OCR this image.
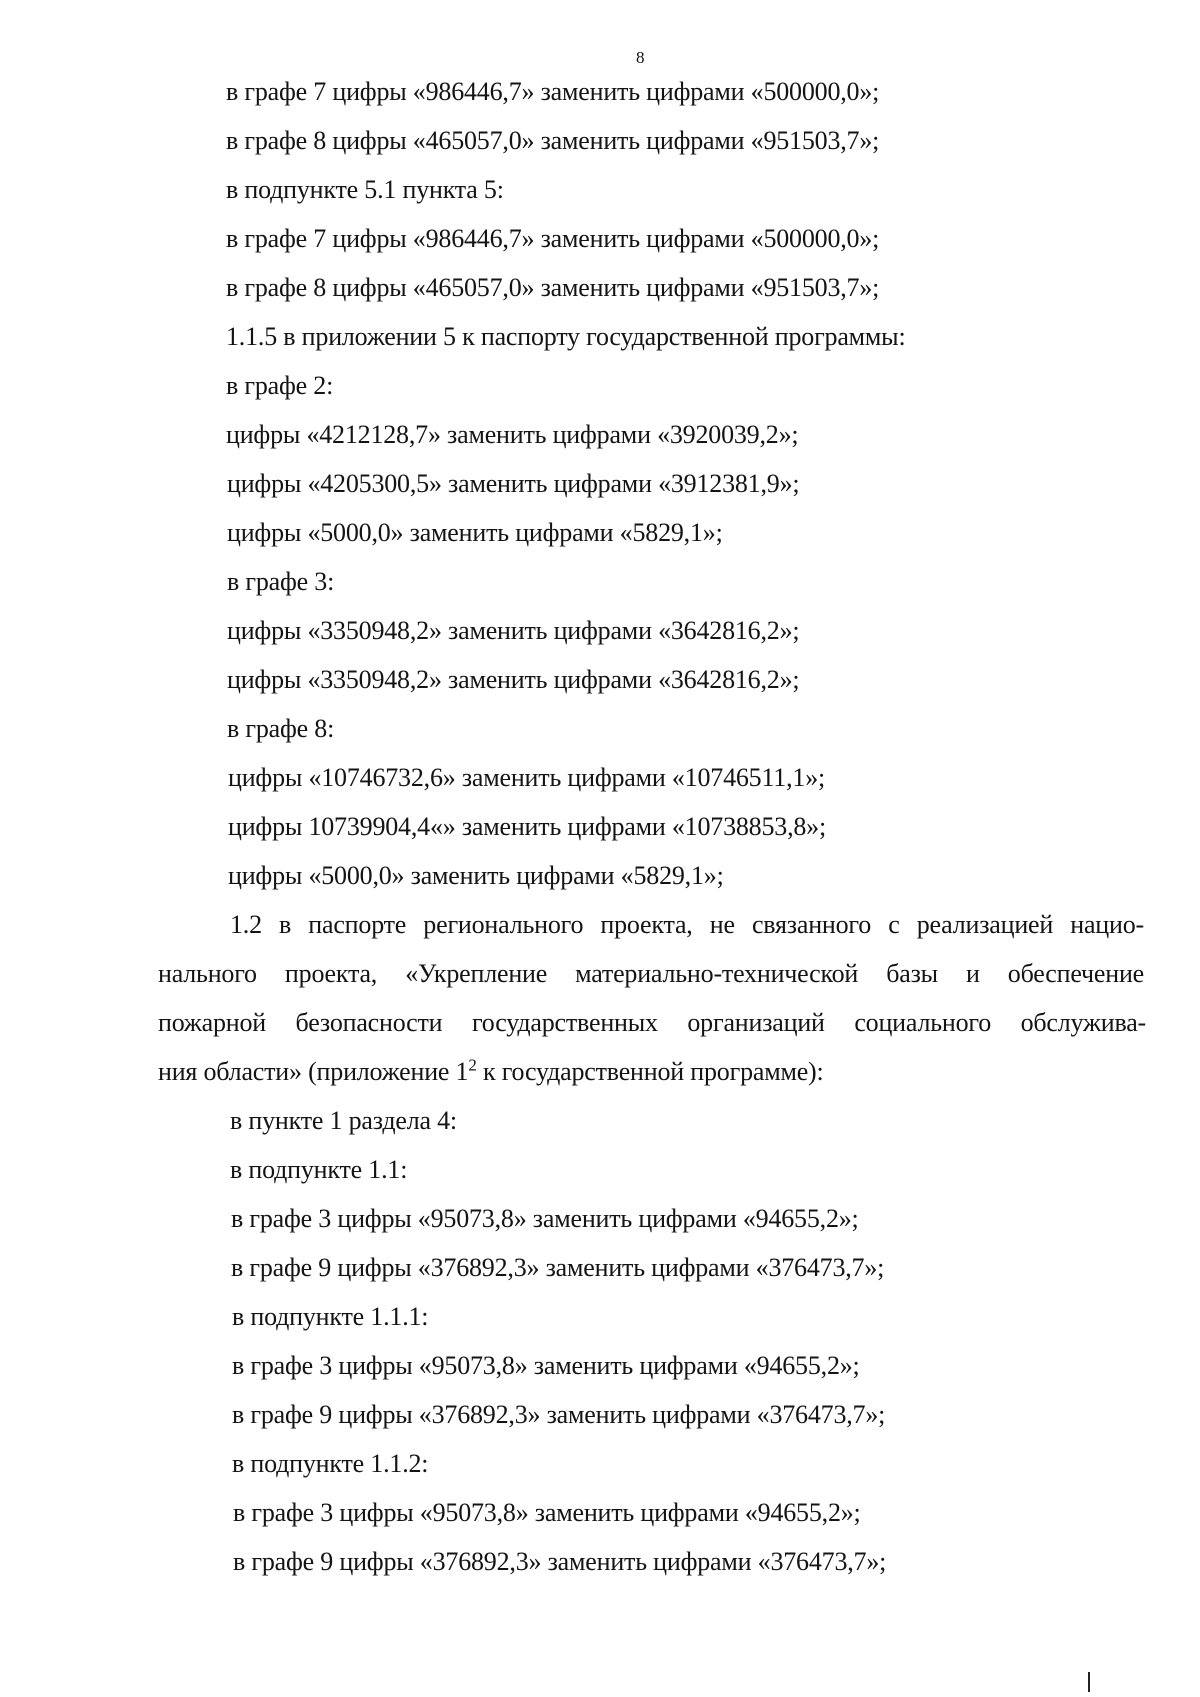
8
в графе 7 цифры «986446,7» заменить цифрами «500000,0»;
в графе 8 цифры «465057,0» заменить цифрами «951503,7»;
в подпункте 5.1 пункта 5:
в графе 7 цифры «986446,7» заменить цифрами «500000,0»;
в графе 8 цифры «465057,0» заменить цифрами «951503,7»;
1.1.5 в приложении 5 к паспорту государственной программы:
в графе 2:
цифры «4212128,7» заменить цифрами «3920039,2»;
цифры «4205300,5» заменить цифрами «3912381,9»;
цифры «5000,0» заменить цифрами «5829,1»;
в графе 3:
цифры «3350948,2» заменить цифрами «3642816,2»;
цифры «3350948,2» заменить цифрами «3642816,2»;
в графе 8:
цифры «10746732,6» заменить цифрами «10746511,1»;
цифры 10739904,4«» заменить цифрами «10738853,8»;
цифры «5000,0» заменить цифрами «5829,1»;
1.2 в паспорте регионального проекта, не связанного с реализацией нацио-
нального проекта, «Укрепление материально-технической базы и обеспечение
пожарной безопасности государственных организаций социального обслужива-
ния области» (приложение $1^2$ к государственной программе):
в пункте 1 раздела 4:
в подпункте 1.1:
в графе 3 цифры «95073,8» заменить цифрами «94655,2»;
в графе 9 цифры «376892,3» заменить цифрами «376473,7»;
в подпункте 1.1.1:
в графе 3 цифры «95073,8» заменить цифрами «94655,2»;
в графе 9 цифры «376892,3» заменить цифрами «376473,7»;
в подпункте 1.1.2:
в графе 3 цифры «95073,8» заменить цифрами «94655,2»;
в графе 9 цифры «376892,3» заменить цифрами «376473,7»;
